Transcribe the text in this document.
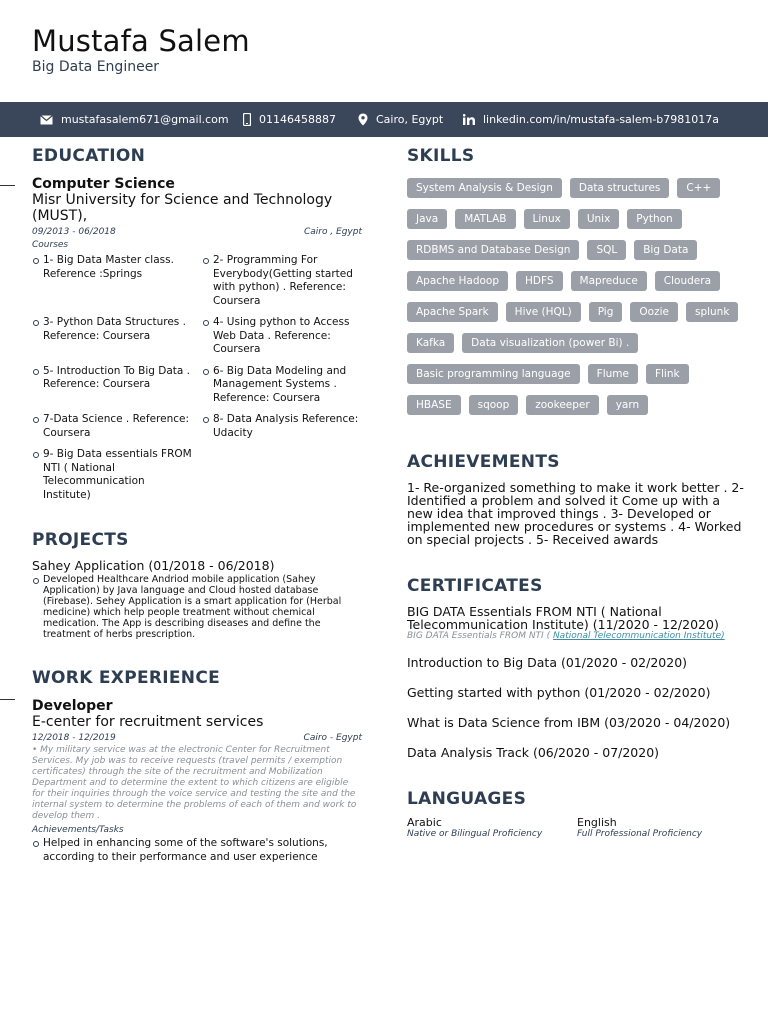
Mustafa Salem
Big Data Engineer
mustafasalem671@gmail.com	01146458887	Cairo, Egypt	linkedin.com/in/mustafa-salem-b7981017a
EDUCATION
Computer Science
Misr University for Science and Technology (MUST),
09/2013 - 06/2018	Cairo , Egypt
Courses
1- Big Data Master class. Reference :Springs
2- Programming For Everybody(Getting started with python) . Reference: Coursera
3- Python Data Structures . Reference: Coursera
4- Using python to Access Web Data . Reference: Coursera
5- Introduction To Big Data . Reference: Coursera
6- Big Data Modeling and Management Systems . Reference: Coursera
7-Data Science . Reference: Coursera
8- Data Analysis Reference: Udacity
9- Big Data essentials FROM NTI ( National Telecommunication Institute)
PROJECTS
Sahey Application (01/2018 - 06/2018)
Developed Healthcare Andriod mobile application (Sahey Application) by Java language and Cloud hosted database (Firebase). Sehey Application is a smart application for (Herbal medicine) which help people treatment without chemical medication. The App is describing diseases and define the treatment of herbs prescription.
WORK EXPERIENCE
Developer
E-center for recruitment services
12/2018 - 12/2019	Cairo - Egypt
• My military service was at the electronic Center for Recruitment Services. My job was to receive requests (travel permits / exemption certificates) through the site of the recruitment and Mobilization Department and to determine the extent to which citizens are eligible for their inquiries through the voice service and testing the site and the internal system to determine the problems of each of them and work to develop them .
Achievements/Tasks
Helped in enhancing some of the software's solutions, according to their performance and user experience
SKILLS
System Analysis & Design	Data structures	C++
Java	MATLAB	Linux	Unix	Python
RDBMS and Database Design	SQL	Big Data
Apache Hadoop	HDFS	Mapreduce	Cloudera
Apache Spark	Hive (HQL)	Pig	Oozie	splunk
Kafka	Data visualization (power Bi) .
Basic programming language	Flume	Flink
HBASE	sqoop	zookeeper	yarn
ACHIEVEMENTS
1- Re-organized something to make it work better . 2- Identified a problem and solved it Come up with a new idea that improved things . 3- Developed or implemented new procedures or systems . 4- Worked on special projects . 5- Received awards
CERTIFICATES
BIG DATA Essentials FROM NTI ( National Telecommunication Institute) (11/2020 - 12/2020)
BIG DATA Essentials FROM NTI ( National Telecommunication Institute)
Introduction to Big Data (01/2020 - 02/2020)
Getting started with python (01/2020 - 02/2020)
What is Data Science from IBM (03/2020 - 04/2020)
Data Analysis Track (06/2020 - 07/2020)
LANGUAGES
Arabic
Native or Bilingual Proficiency
English
Full Professional Proficiency
